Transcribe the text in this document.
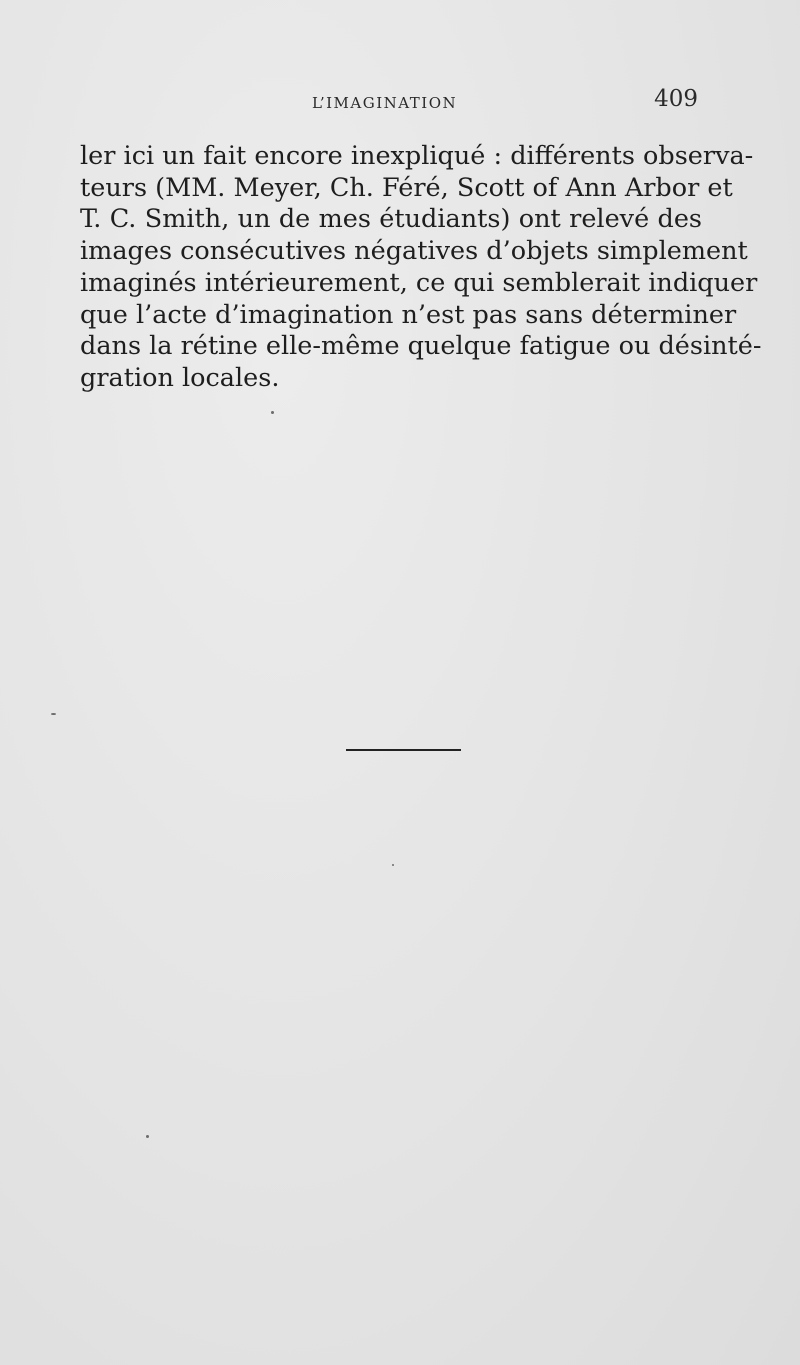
L’IMAGINATION	409
ler ici un fait encore inexpliqué : différents observa-
teurs (MM. Meyer, Ch. Féré, Scott of Ann Arbor et
T. C. Smith, un de mes étudiants) ont relevé des
images consécutives négatives d’objets simplement
imaginés intérieurement, ce qui semblerait indiquer
que l’acte d’imagination n’est pas sans déterminer
dans la rétine elle-même quelque fatigue ou désinté-
gration locales.
